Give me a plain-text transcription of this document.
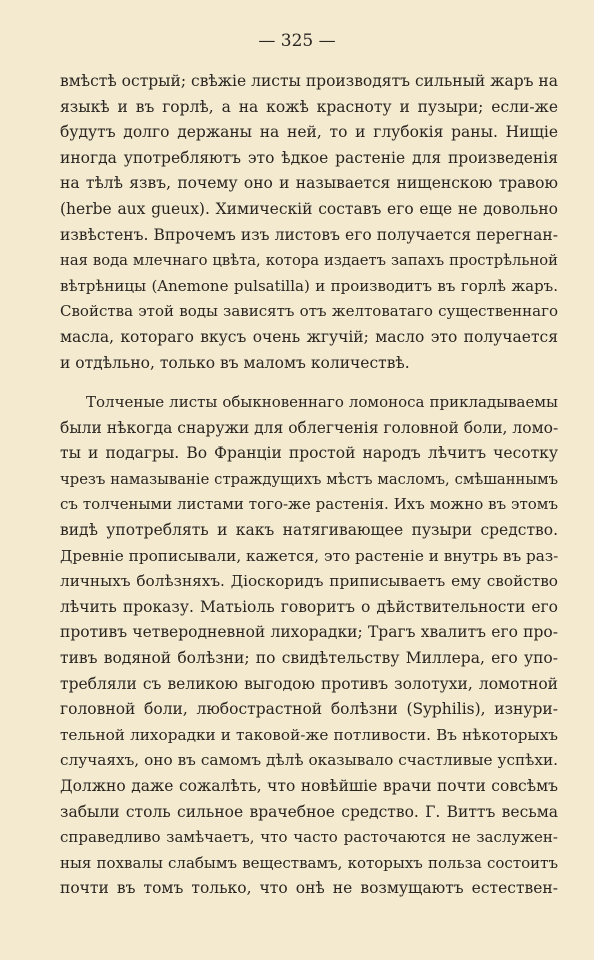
— 325 —
вмѣстѣ острый; свѣжіе листы производятъ сильный жаръ на
языкѣ и въ горлѣ, а на кожѣ красноту и пузыри; если-же
будутъ долго держаны на ней, то и глубокія раны. Нищіе
иногда употребляютъ это ѣдкое растеніе для произведенія
на тѣлѣ язвъ, почему оно и называется нищенскою травою
(herbe aux gueux). Химическій составъ его еще не довольно
извѣстенъ. Впрочемъ изъ листовъ его получается перегнан-
ная вода млечнаго цвѣта, котора издаетъ запахъ прострѣльной
вѣтрѣницы (Anemone pulsatilla) и производитъ въ горлѣ жаръ.
Свойства этой воды зависятъ отъ желтоватаго существеннаго
масла, котораго вкусъ очень жгучій; масло это получается
и отдѣльно, только въ маломъ количествѣ.
Толченые листы обыкновеннаго ломоноса прикладываемы
были нѣкогда снаружи для облегченія головной боли, ломо-
ты и подагры. Во Франціи простой народъ лѣчитъ чесотку
чрезъ намазываніе страждущихъ мѣстъ масломъ, смѣшаннымъ
съ толчеными листами того-же растенія. Ихъ можно въ этомъ
видѣ употреблять и какъ натягивающее пузыри средство.
Древніе прописывали, кажется, это растеніе и внутрь въ раз-
личныхъ болѣзняхъ. Діоскоридъ приписываетъ ему свойство
лѣчить проказу. Матьіоль говоритъ о дѣйствительности его
противъ четверодневной лихорадки; Трагъ хвалитъ его про-
тивъ водяной болѣзни; по свидѣтельству Миллера, его упо-
требляли съ великою выгодою противъ золотухи, ломотной
головной боли, любострастной болѣзни (Syphilis), изнури-
тельной лихорадки и таковой-же потливости. Въ нѣкоторыхъ
случаяхъ, оно въ самомъ дѣлѣ оказывало счастливые успѣхи.
Должно даже сожалѣть, что новѣйшіе врачи почти совсѣмъ
забыли столь сильное врачебное средство. Г. Виттъ весьма
справедливо замѣчаетъ, что часто расточаются не заслужен-
ныя похвалы слабымъ веществамъ, которыхъ польза состоитъ
почти въ томъ только, что онѣ не возмущаютъ естествен-
